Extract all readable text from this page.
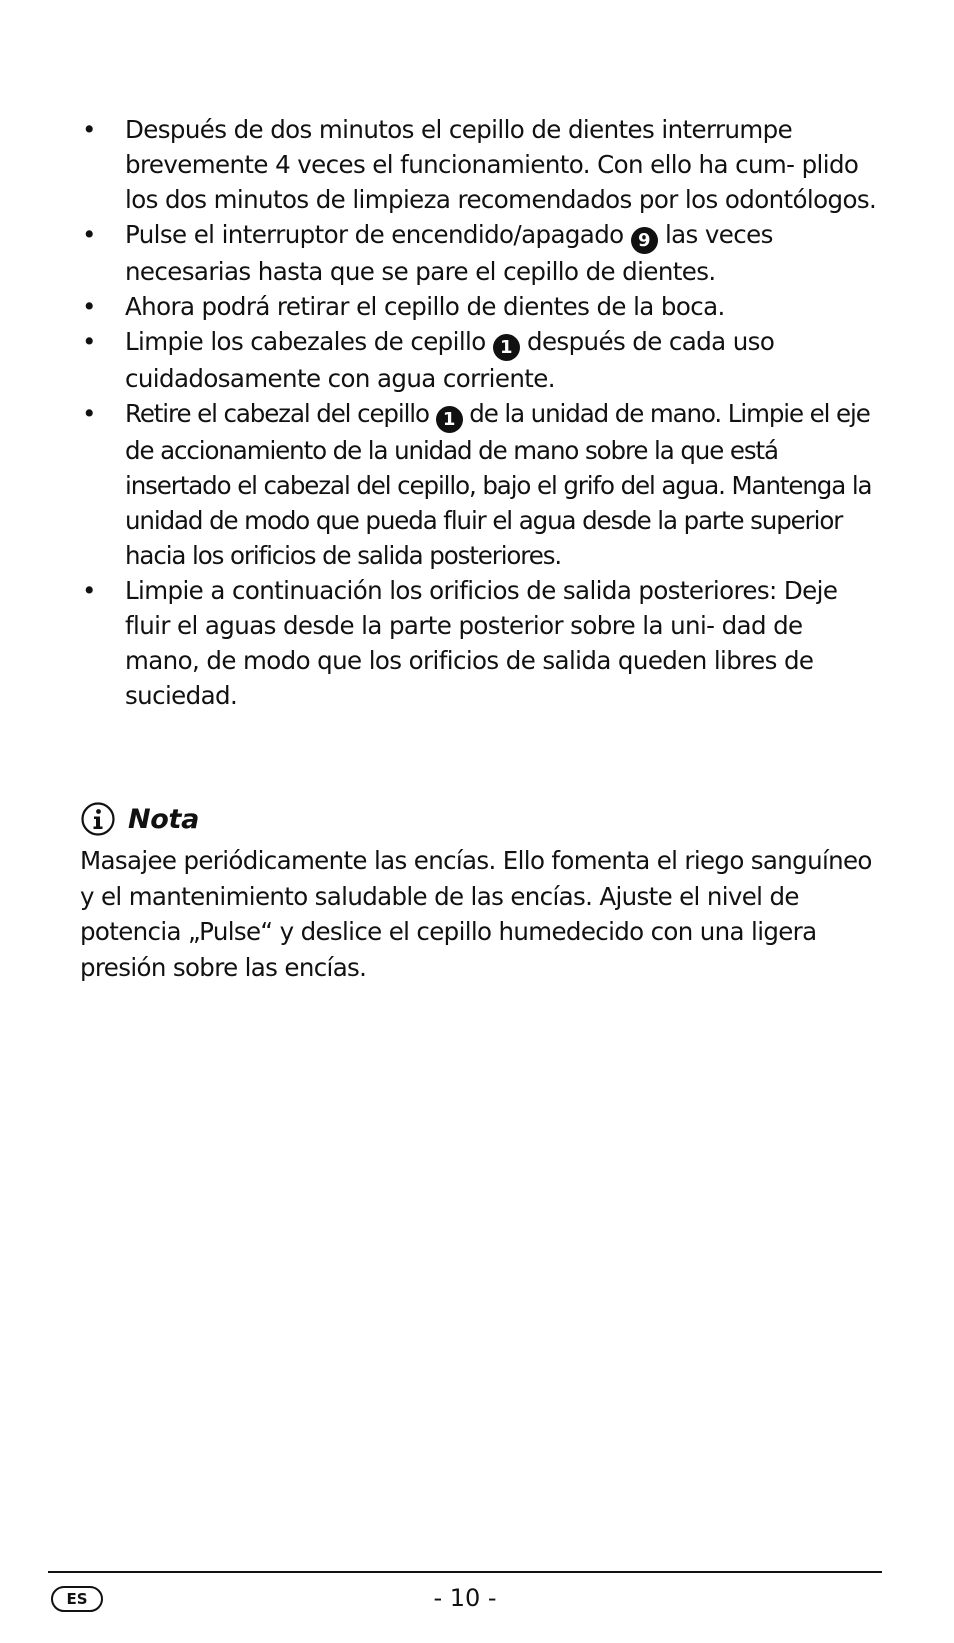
• Después de dos minutos el cepillo de dientes interrumpe brevemente 4 veces el funcionamiento. Con ello ha cum- plido los dos minutos de limpieza recomendados por los odontólogos.
• Pulse el interruptor de encendido/apagado 9 las veces necesarias hasta que se pare el cepillo de dientes.
• Ahora podrá retirar el cepillo de dientes de la boca.
• Limpie los cabezales de cepillo 1 después de cada uso cuidadosamente con agua corriente.
• Retire el cabezal del cepillo 1 de la unidad de mano. Limpie el eje de accionamiento de la unidad de mano sobre la que está insertado el cabezal del cepillo, bajo el grifo del agua. Mantenga la unidad de modo que pueda fluir el agua desde la parte superior hacia los orificios de salida posteriores.
• Limpie a continuación los orificios de salida posteriores: Deje fluir el aguas desde la parte posterior sobre la uni- dad de mano, de modo que los orificios de salida queden libres de suciedad.
Nota

Masajee periódicamente las encías. Ello fomenta el riego sanguíneo y el mantenimiento saludable de las encías. Ajuste el nivel de potencia „Pulse“ y deslice el cepillo humedecido con una ligera presión sobre las encías.

ES	- 10 -
